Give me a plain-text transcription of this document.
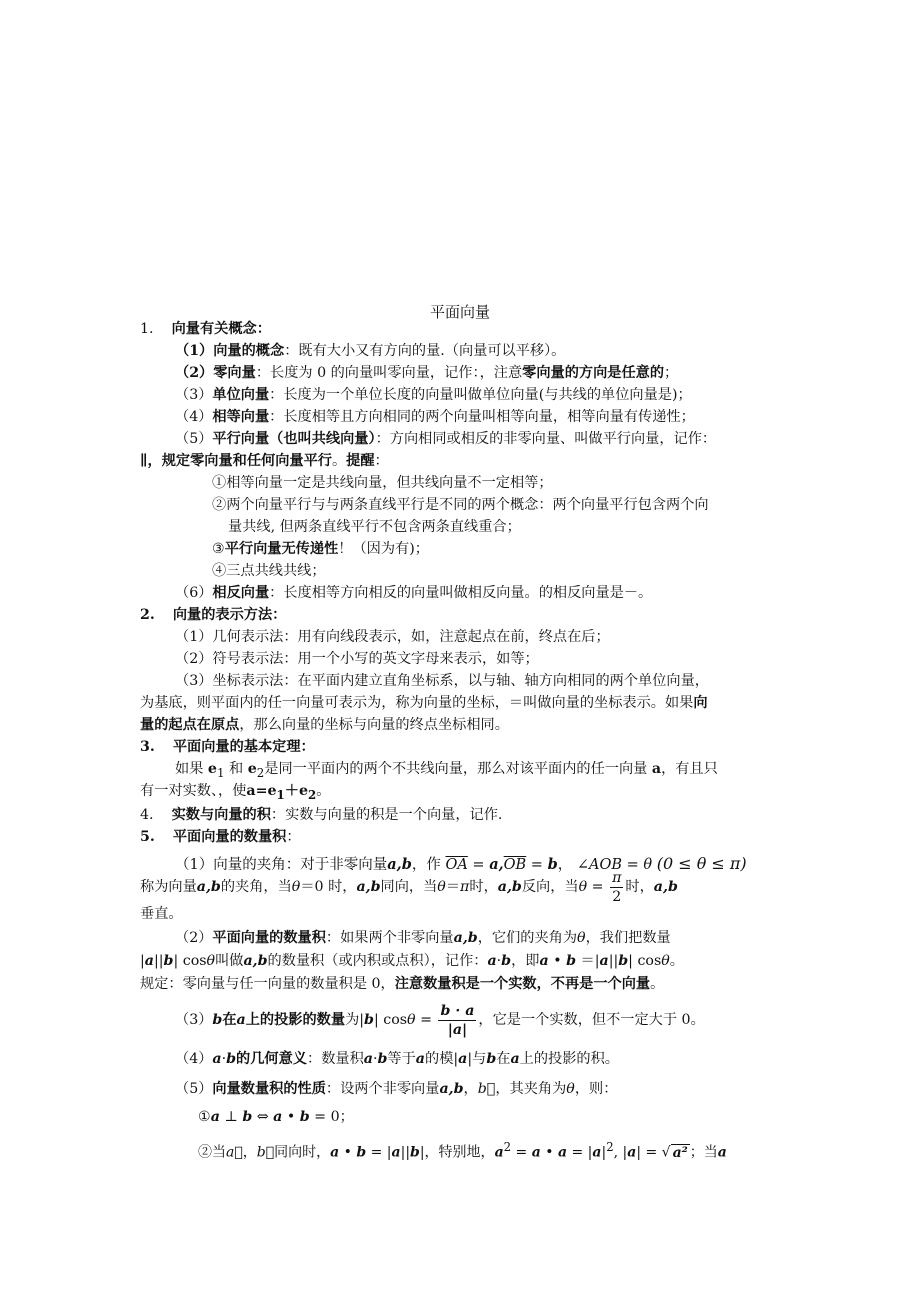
平面向量
1. 向量有关概念：
（1）向量的概念：既有大小又有方向的量.（向量可以平移）。
（2）零向量：长度为 0 的向量叫零向量，记作：，注意零向量的方向是任意的；
（3）单位向量：长度为一个单位长度的向量叫做单位向量(与共线的单位向量是)；
（4）相等向量：长度相等且方向相同的两个向量叫相等向量，相等向量有传递性；
（5）平行向量（也叫共线向量）：方向相同或相反的非零向量、叫做平行向量，记作：
∥，规定零向量和任何向量平行。提醒：
①相等向量一定是共线向量，但共线向量不一定相等；
②两个向量平行与与两条直线平行是不同的两个概念：两个向量平行包含两个向
量共线, 但两条直线平行不包含两条直线重合；
③平行向量无传递性！（因为有)；
④三点共线共线；
（6）相反向量：长度相等方向相反的向量叫做相反向量。的相反向量是－。
2. 向量的表示方法：
（1）几何表示法：用有向线段表示，如，注意起点在前，终点在后；
（2）符号表示法：用一个小写的英文字母来表示，如等；
（3）坐标表示法：在平面内建立直角坐标系，以与轴、轴方向相同的两个单位向量，
为基底，则平面内的任一向量可表示为，称为向量的坐标，＝叫做向量的坐标表示。如果向
量的起点在原点，那么向量的坐标与向量的终点坐标相同。
3. 平面向量的基本定理：
如果 $e_1$ 和 $e_2$是同一平面内的两个不共线向量，那么对该平面内的任一向量 a，有且只
有一对实数、，使$a=e_1+e_2$。
4. 实数与向量的积：实数与向量的积是一个向量，记作.
5. 平面向量的数量积：
（1）向量的夹角：对于非零向量a,b，作 $\overline{OA} = a,\overline{OB} = b$， ∠AOB = θ (0 ≤ θ ≤ π)
称为向量a,b的夹角，当θ＝0 时，a,b同向，当θ＝π时，a,b反向，当$\theta = \frac{\pi}{2}$ 时，a,b
垂直。
（2）平面向量的数量积：如果两个非零向量a,b，它们的夹角为θ，我们把数量
|a||b| cosθ叫做a,b的数量积（或内积或点积），记作：a·b，即a • b ＝|a||b| cosθ。
规定：零向量与任一向量的数量积是 0，注意数量积是一个实数，不再是一个向量。
（3）b在a上的投影的数量为|b| $\cos\theta = \frac{b \cdot a}{|a|}$ ，它是一个实数，但不一定大于 0。
（4）a·b的几何意义：数量积a·b等于a的模|a|与b在a上的投影的积。
（5）向量数量积的性质：设两个非零向量a,b，b⃗，其夹角为θ，则：
①a ⊥ b ⇔ a • b = 0；
②当a⃗，b⃗同向时，a • b = |a||b|，特别地，$a^2 = a$ • $a = |a|^2$, |a| = √ a² ；当a
